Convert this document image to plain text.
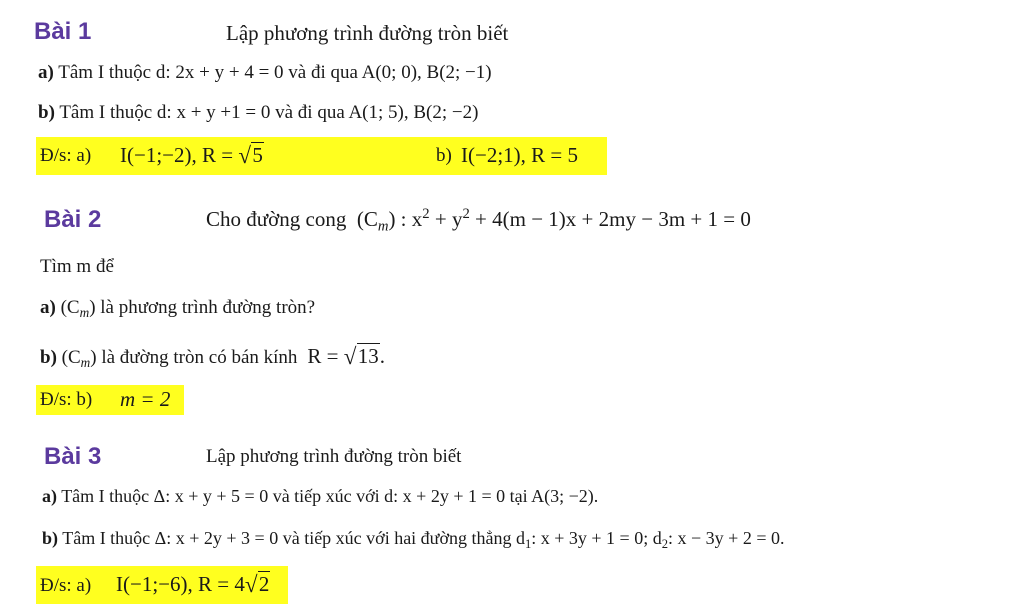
Bài 1	Lập phương trình đường tròn biết
a) Tâm I thuộc d: 2x + y + 4 = 0 và đi qua A(0; 0), B(2; −1)
b) Tâm I thuộc d: x + y +1 = 0 và đi qua A(1; 5), B(2; −2)
Đ/s: a) I(−1;−2), R = √ 5	b) I(−2;1), R = 5
Bài 2	Cho đường cong $(C_m)$ : $x^2 + y^2 + 4(m - 1)x + 2my - 3m + 1 = 0$
Tìm m để
a) $(C_m)$ là phương trình đường tròn?
b) $(C_m)$ là đường tròn có bán kính R = √ 13.
Đ/s: b) m = 2
Bài 3	Lập phương trình đường tròn biết
a) Tâm I thuộc Δ: x + y + 5 = 0 và tiếp xúc với d: x + 2y + 1 = 0 tại A(3; −2).
b) Tâm I thuộc Δ: x + 2y + 3 = 0 và tiếp xúc với hai đường thẳng $d_1$: x + 3y + 1 = 0; $d_2$: x − 3y + 2 = 0.
Đ/s: a) I(−1;−6), R = 4 √ 2
